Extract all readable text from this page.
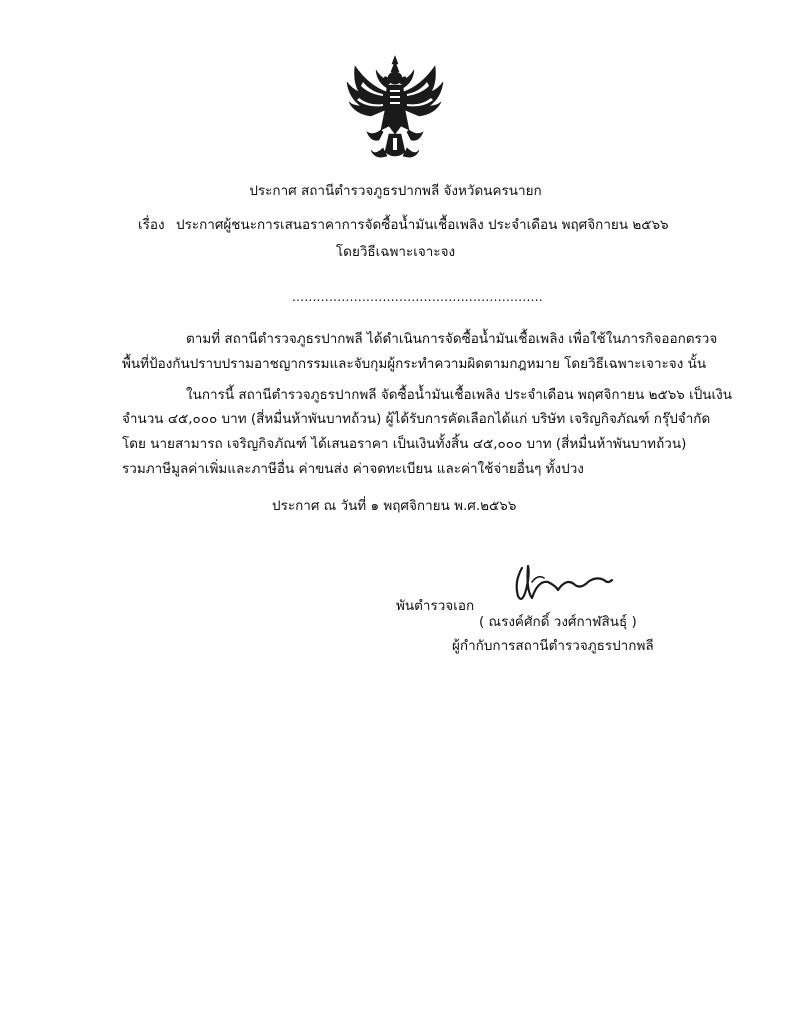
ประกาศ สถานีตำรวจภูธรปากพลี จังหวัดนครนายก
เรื่อง ประกาศผู้ชนะการเสนอราคาการจัดซื้อน้ำมันเชื้อเพลิง ประจำเดือน พฤศจิกายน ๒๕๖๖
โดยวิธีเฉพาะเจาะจง
.............................................................
ตามที่ สถานีตำรวจภูธรปากพลี ได้ดำเนินการจัดซื้อน้ำมันเชื้อเพลิง เพื่อใช้ในภารกิจออกตรวจ
พื้นที่ป้องกันปราบปรามอาชญากรรมและจับกุมผู้กระทำความผิดตามกฎหมาย โดยวิธีเฉพาะเจาะจง นั้น
ในการนี้ สถานีตำรวจภูธรปากพลี จัดซื้อน้ำมันเชื้อเพลิง ประจำเดือน พฤศจิกายน ๒๕๖๖ เป็นเงิน
จำนวน ๔๕,๐๐๐ บาท (สี่หมื่นห้าพันบาทถ้วน) ผู้ได้รับการคัดเลือกได้แก่ บริษัท เจริญกิจภัณฑ์ กรุ๊ปจำกัด
โดย นายสามารถ เจริญกิจภัณฑ์ ได้เสนอราคา เป็นเงินทั้งสิ้น ๔๕,๐๐๐ บาท (สี่หมื่นห้าพันบาทถ้วน)
รวมภาษีมูลค่าเพิ่มและภาษีอื่น ค่าขนส่ง ค่าจดทะเบียน และค่าใช้จ่ายอื่นๆ ทั้งปวง
ประกาศ ณ วันที่ ๑ พฤศจิกายน พ.ศ.๒๕๖๖
พันตำรวจเอก
( ณรงค์ศักดิ์ วงศ์กาฬสินธุ์ )
ผู้กำกับการสถานีตำรวจภูธรปากพลี
